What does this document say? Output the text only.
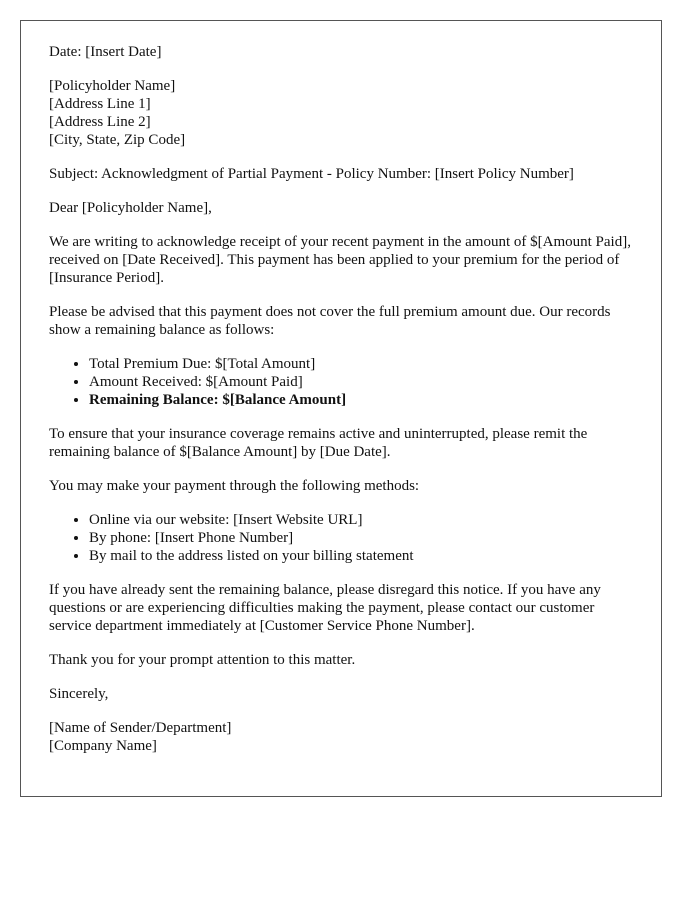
Date: [Insert Date]

[Policyholder Name]
[Address Line 1]
[Address Line 2]
[City, State, Zip Code]

Subject: Acknowledgment of Partial Payment - Policy Number: [Insert Policy Number]

Dear [Policyholder Name],

We are writing to acknowledge receipt of your recent payment in the amount of $[Amount Paid], received on [Date Received]. This payment has been applied to your premium for the period of [Insurance Period].

Please be advised that this payment does not cover the full premium amount due. Our records show a remaining balance as follows:

• Total Premium Due: $[Total Amount]
• Amount Received: $[Amount Paid]
• Remaining Balance: $[Balance Amount]

To ensure that your insurance coverage remains active and uninterrupted, please remit the remaining balance of $[Balance Amount] by [Due Date].

You may make your payment through the following methods:

• Online via our website: [Insert Website URL]
• By phone: [Insert Phone Number]
• By mail to the address listed on your billing statement

If you have already sent the remaining balance, please disregard this notice. If you have any questions or are experiencing difficulties making the payment, please contact our customer service department immediately at [Customer Service Phone Number].

Thank you for your prompt attention to this matter.

Sincerely,

[Name of Sender/Department]
[Company Name]
